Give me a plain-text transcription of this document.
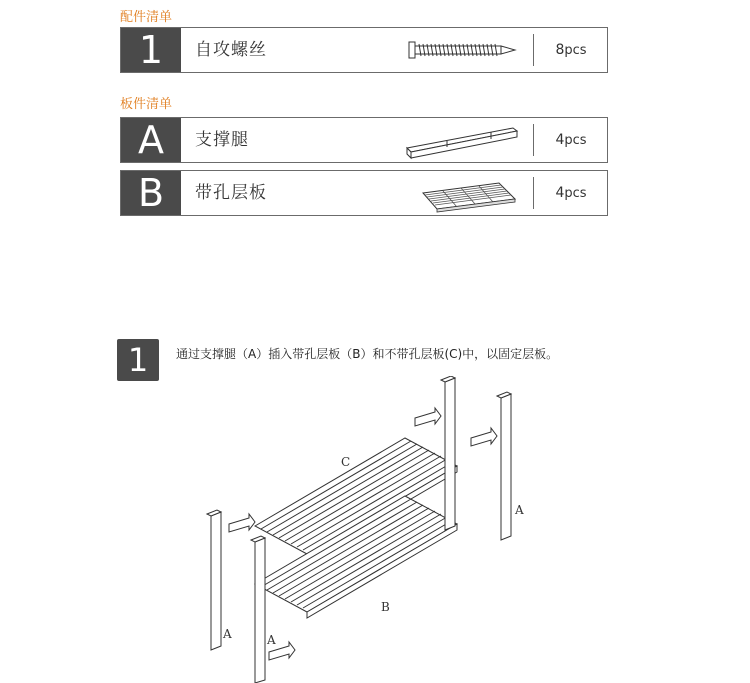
配件清单
1	自攻螺丝	8pcs
板件清单
A	支撑腿	4pcs
B	带孔层板	4pcs
1	通过支撑腿（A）插入带孔层板（B）和不带孔层板(C)中，以固定层板。
A	A
A
B
C
